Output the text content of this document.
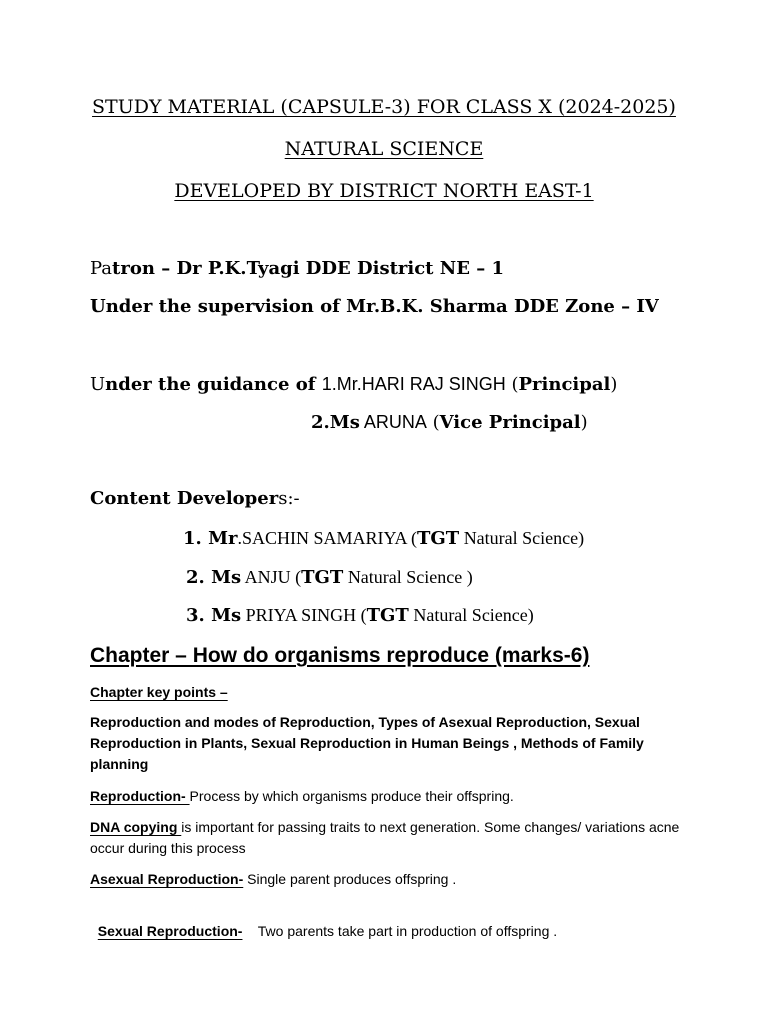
STUDY MATERIAL (CAPSULE-3) FOR CLASS X (2024-2025)
NATURAL SCIENCE
DEVELOPED BY DISTRICT NORTH EAST-1
Patron – Dr P.K.Tyagi DDE District NE – 1
Under the supervision of Mr.B.K. Sharma DDE Zone – IV
Under the guidance of 1.Mr.HARI RAJ SINGH (Principal)
2.Ms ARUNA (Vice Principal)
Content Developers:-
1. Mr.SACHIN SAMARIYA (TGT Natural Science)
2. Ms ANJU (TGT Natural Science )
3. Ms PRIYA SINGH (TGT Natural Science)
Chapter – How do organisms reproduce (marks-6)
Chapter key points –
Reproduction and modes of Reproduction, Types of Asexual Reproduction, Sexual Reproduction in Plants, Sexual Reproduction in Human Beings , Methods of Family planning
Reproduction- Process by which organisms produce their offspring.
DNA copying is important for passing traits to next generation. Some changes/ variations acne occur during this process
Asexual Reproduction- Single parent produces offspring .

Sexual Reproduction-    Two parents take part in production of offspring .
